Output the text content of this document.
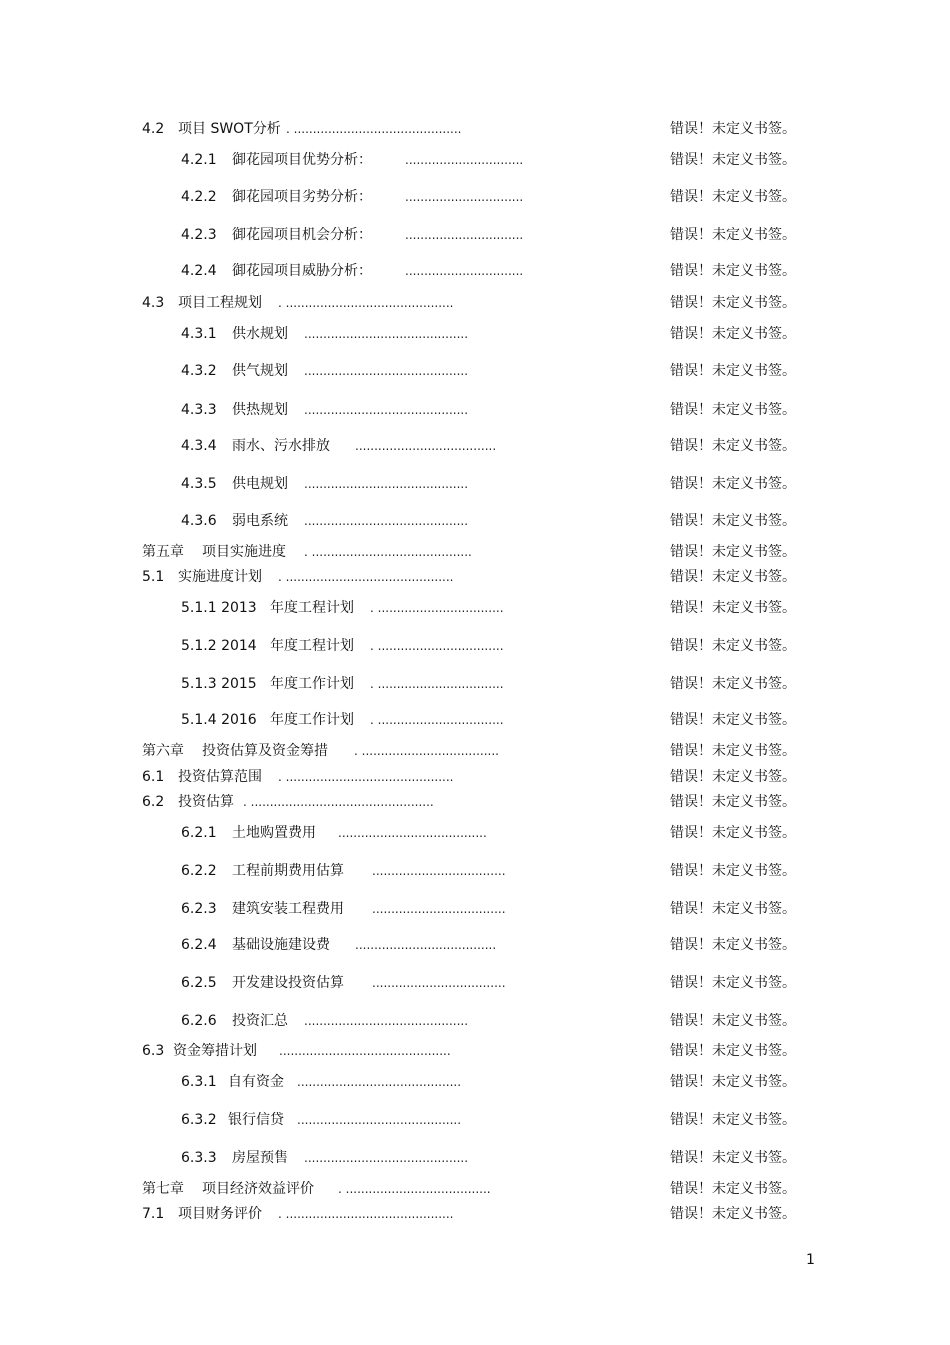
4.2 项目 SWOT分析 . ............................................	错误！未定义书签。
4.2.1 御花园项目优势分析：	...............................	错误！未定义书签。
4.2.2 御花园项目劣势分析：	...............................	错误！未定义书签。
4.2.3 御花园项目机会分析：	...............................	错误！未定义书签。
4.2.4 御花园项目威胁分析：	...............................	错误！未定义书签。
4.3 项目工程规划 . ............................................	错误！未定义书签。
4.3.1 供水规划 ...........................................	错误！未定义书签。
4.3.2 供气规划 ...........................................	错误！未定义书签。
4.3.3 供热规划 ...........................................	错误！未定义书签。
4.3.4 雨水、污水排放 .....................................	错误！未定义书签。
4.3.5 供电规划 ...........................................	错误！未定义书签。
4.3.6 弱电系统 ...........................................	错误！未定义书签。
第五章 项目实施进度 . ..........................................	错误！未定义书签。
5.1 实施进度计划 . ............................................	错误！未定义书签。
5.1.1 2013 年度工程计划 . .................................	错误！未定义书签。
5.1.2 2014 年度工程计划 . .................................	错误！未定义书签。
5.1.3 2015 年度工作计划 . .................................	错误！未定义书签。
5.1.4 2016 年度工作计划 . .................................	错误！未定义书签。
第六章 投资估算及资金筹措 . ....................................	错误！未定义书签。
6.1 投资估算范围 . ............................................	错误！未定义书签。
6.2 投资估算 . ................................................	错误！未定义书签。
6.2.1 土地购置费用 .......................................	错误！未定义书签。
6.2.2 工程前期费用估算 ...................................	错误！未定义书签。
6.2.3 建筑安装工程费用 ...................................	错误！未定义书签。
6.2.4 基础设施建设费 .....................................	错误！未定义书签。
6.2.5 开发建设投资估算 ...................................	错误！未定义书签。
6.2.6 投资汇总 ...........................................	错误！未定义书签。
6.3 资金筹措计划 .............................................	错误！未定义书签。
6.3.1 自有资金 ...........................................	错误！未定义书签。
6.3.2 银行信贷 ...........................................	错误！未定义书签。
6.3.3 房屋预售 ...........................................	错误！未定义书签。
第七章 项目经济效益评价 . ......................................	错误！未定义书签。
7.1 项目财务评价 . ............................................	错误！未定义书签。
1
